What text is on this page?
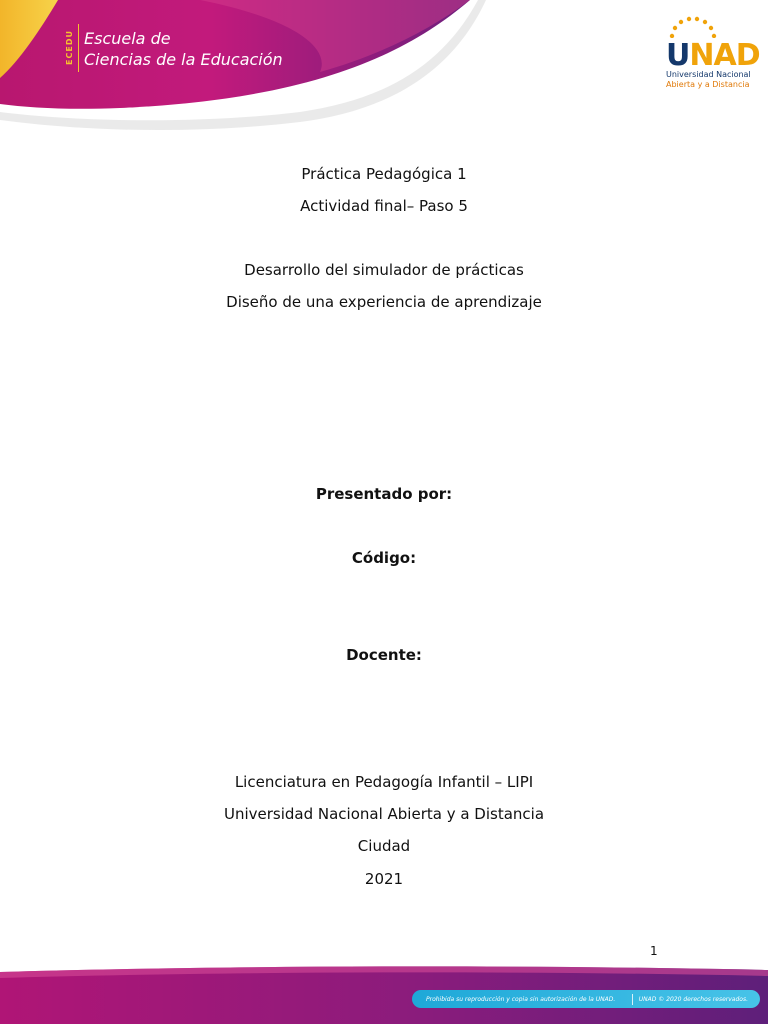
ECEDU Escuela de
Ciencias de la Educación	UNAD
Universidad Nacional
Abierta y a Distancia
Práctica Pedagógica 1
Actividad final– Paso 5
Desarrollo del simulador de prácticas
Diseño de una experiencia de aprendizaje
Presentado por:
Código:
Docente:
Licenciatura en Pedagogía Infantil – LIPI
Universidad Nacional Abierta y a Distancia
Ciudad
2021
1
Prohibida su reproducción y copia sin autorización de la UNAD.	UNAD © 2020 derechos reservados.
